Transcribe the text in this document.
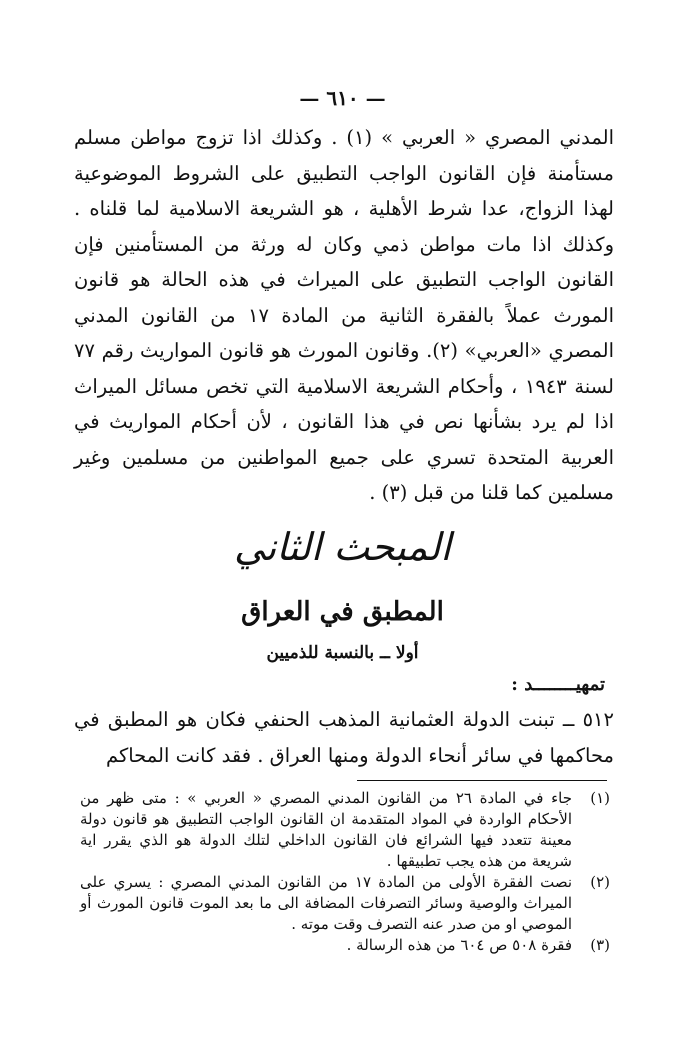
— ٦١٠ —

المدني المصري « العربي » (١) . وكذلك اذا تزوج مواطن مسلم مستأمنة فإن القانون الواجب التطبيق على الشروط الموضوعية لهذا الزواج، عدا شرط الأهلية ، هو الشريعة الاسلامية لما قلناه . وكذلك اذا مات مواطن ذمي وكان له ورثة من المستأمنين فإن القانون الواجب التطبيق على الميراث في هذه الحالة هو قانون المورث عملاً بالفقرة الثانية من المادة ١٧ من القانون المدني المصري «العربي» (٢). وقانون المورث هو قانون المواريث رقم ٧٧ لسنة ١٩٤٣ ، وأحكام الشريعة الاسلامية التي تخص مسائل الميراث اذا لم يرد بشأنها نص في هذا القانون ، لأن أحكام المواريث في العربية المتحدة تسري على جميع المواطنين من مسلمين وغير مسلمين كما قلنا من قبل (٣) .

المبحث الثاني
المطبق في العراق
أولا ــ بالنسبة للذميين
تمهيــــــــد :

٥١٢ ــ تبنت الدولة العثمانية المذهب الحنفي فكان هو المطبق في محاكمها في سائر أنحاء الدولة ومنها العراق . فقد كانت المحاكم

(١)
جاء في المادة ٢٦ من القانون المدني المصري « العربي » : متى ظهر من الأحكام الواردة في المواد المتقدمة ان القانون الواجب التطبيق هو قانون دولة معينة تتعدد فيها الشرائع فان القانون الداخلي لتلك الدولة هو الذي يقرر اية شريعة من هذه يجب تطبيقها .
(٢)
نصت الفقرة الأولى من المادة ١٧ من القانون المدني المصري : يسري على الميراث والوصية وسائر التصرفات المضافة الى ما بعد الموت قانون المورث أو الموصي او من صدر عنه التصرف وقت موته .
(٣)
فقرة ٥٠٨ ص ٦٠٤ من هذه الرسالة .
